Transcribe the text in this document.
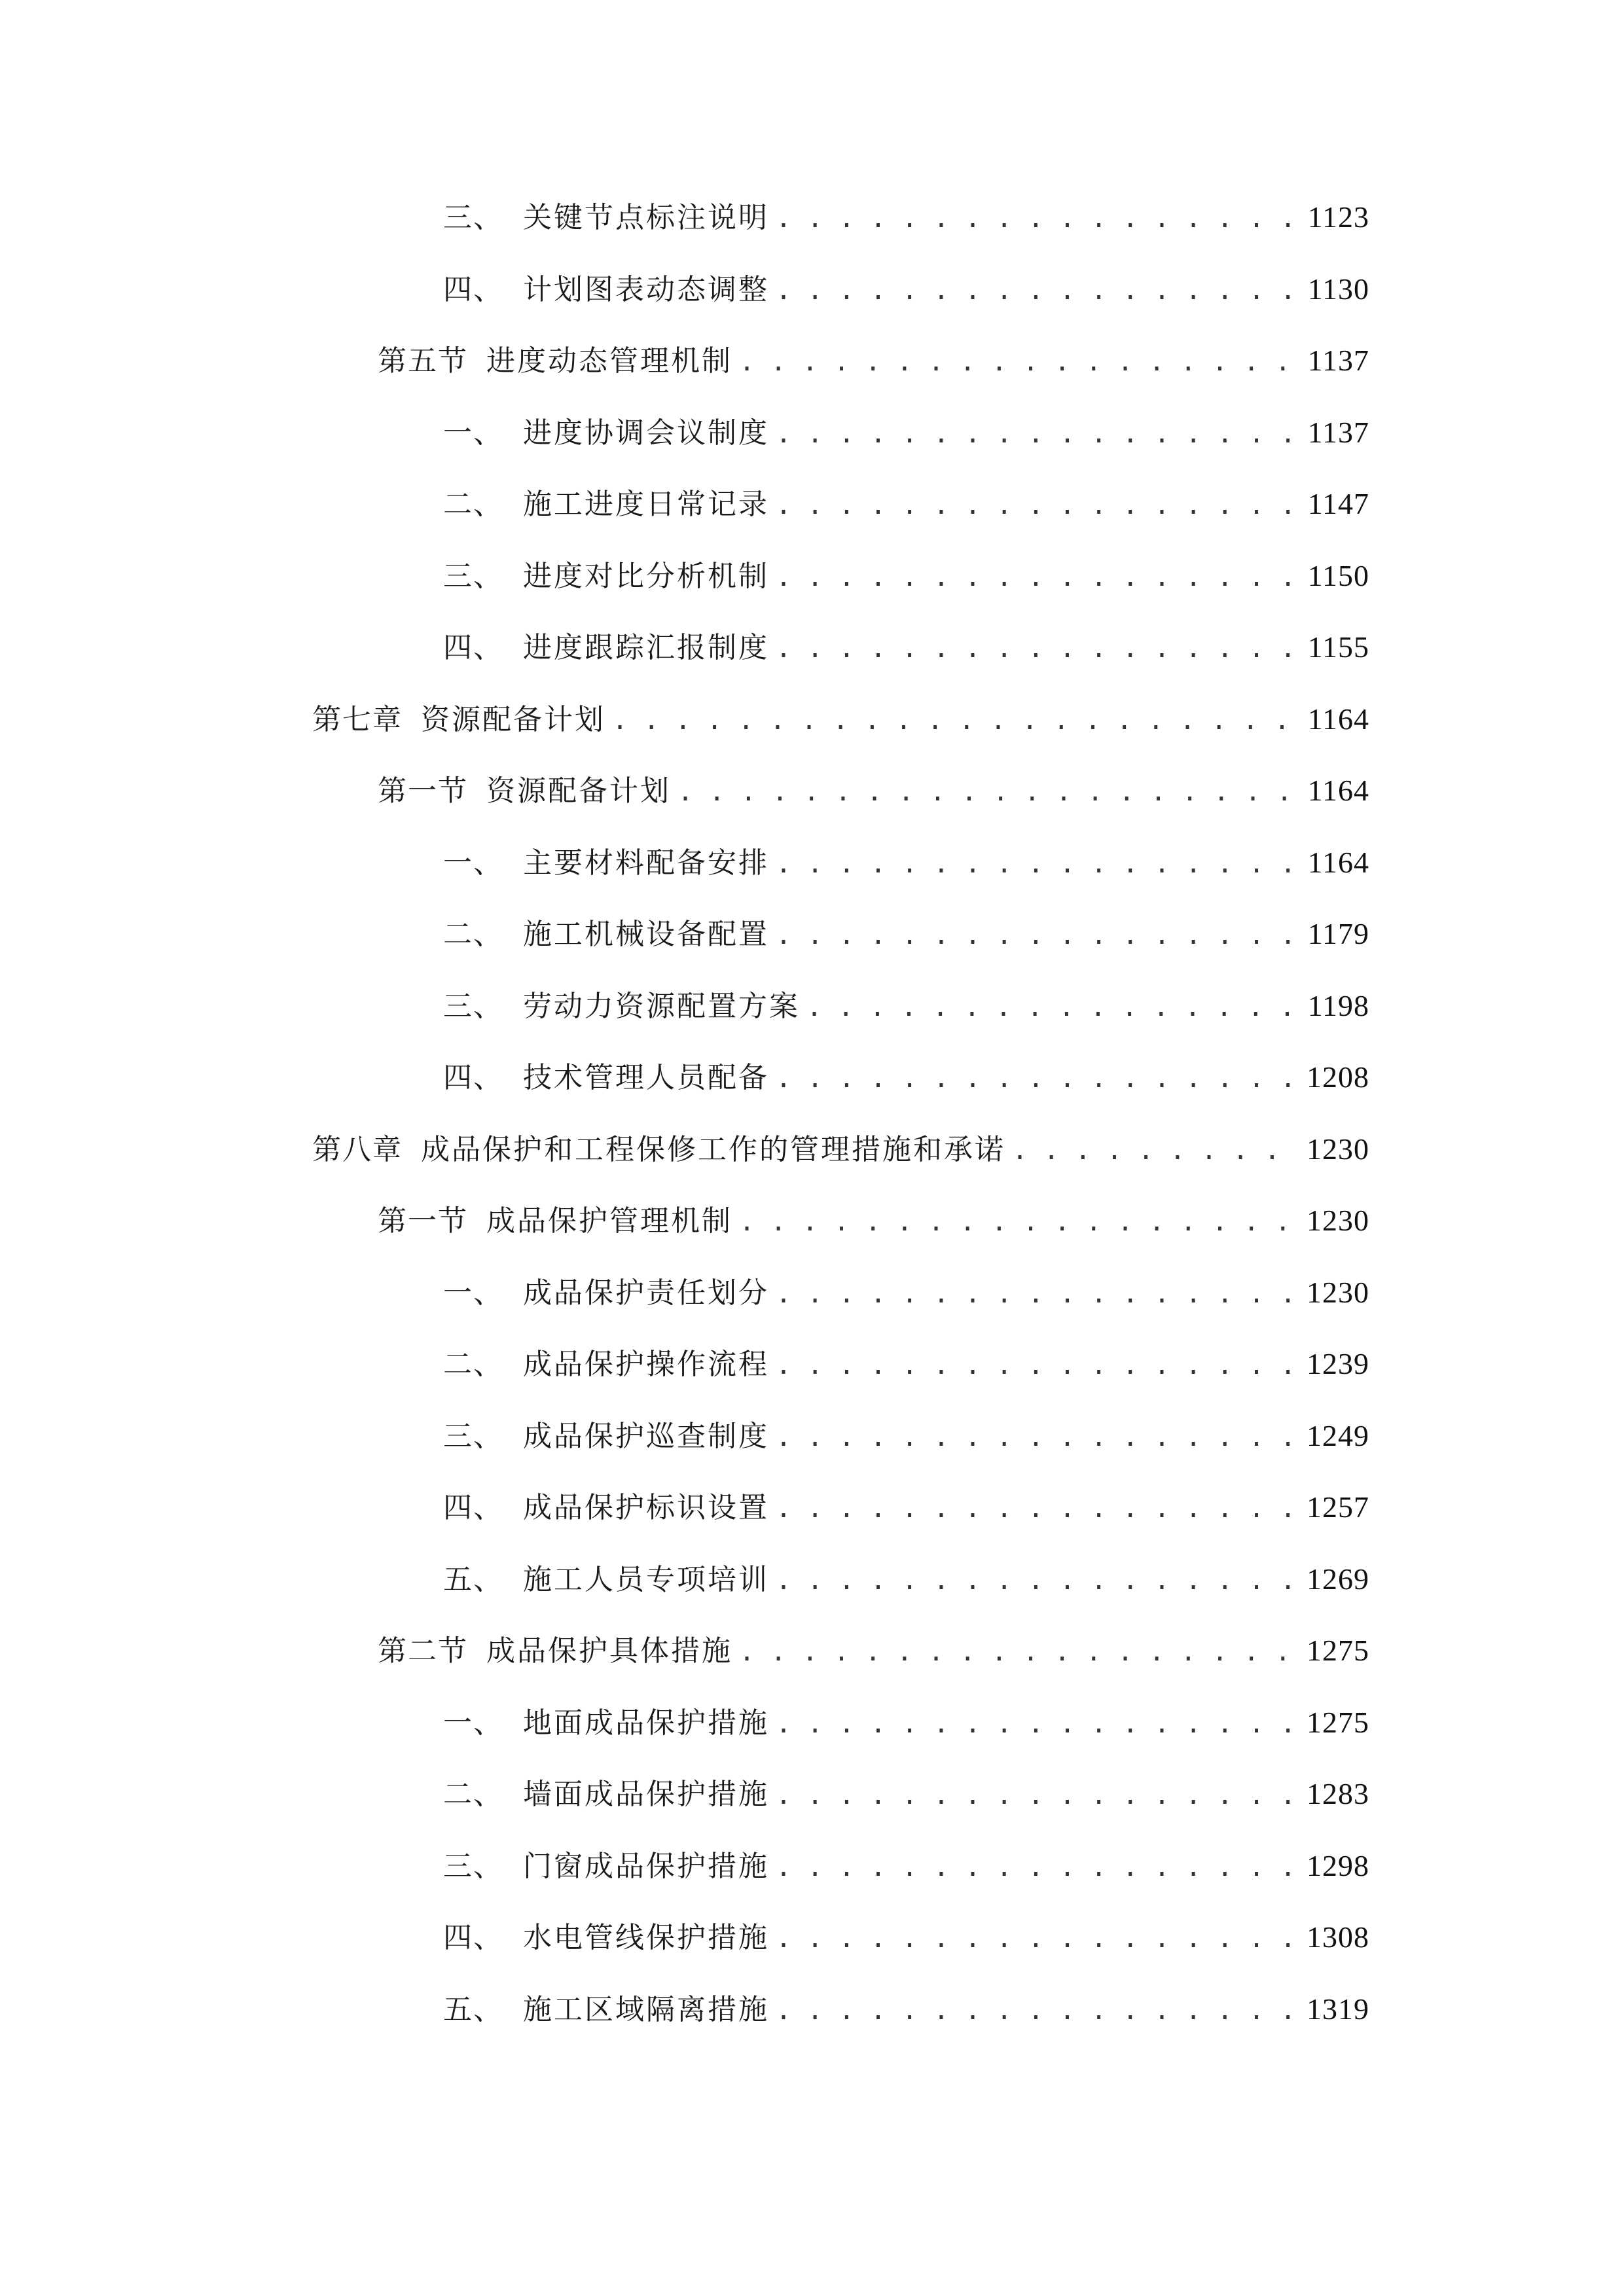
三、 关键节点标注说明 . . .	1123
四、 计划图表动态调整 . . .	1130
第五节 进度动态管理机制 . . .	1137
一、 进度协调会议制度 . . .	1137
二、 施工进度日常记录 . . .	1147
三、 进度对比分析机制 . . .	1150
四、 进度跟踪汇报制度 . . .	1155
第七章 资源配备计划 . . .	1164
第一节 资源配备计划 . . .	1164
一、 主要材料配备安排 . . .	1164
二、 施工机械设备配置 . . .	1179
三、 劳动力资源配置方案 . . .	1198
四、 技术管理人员配备 . . .	1208
第八章 成品保护和工程保修工作的管理措施和承诺 . . .	1230
第一节 成品保护管理机制 . . .	1230
一、 成品保护责任划分 . . .	1230
二、 成品保护操作流程 . . .	1239
三、 成品保护巡查制度 . . .	1249
四、 成品保护标识设置 . . .	1257
五、 施工人员专项培训 . . .	1269
第二节 成品保护具体措施 . . .	1275
一、 地面成品保护措施 . . .	1275
二、 墙面成品保护措施 . . .	1283
三、 门窗成品保护措施 . . .	1298
四、 水电管线保护措施 . . .	1308
五、 施工区域隔离措施 . . .	1319
